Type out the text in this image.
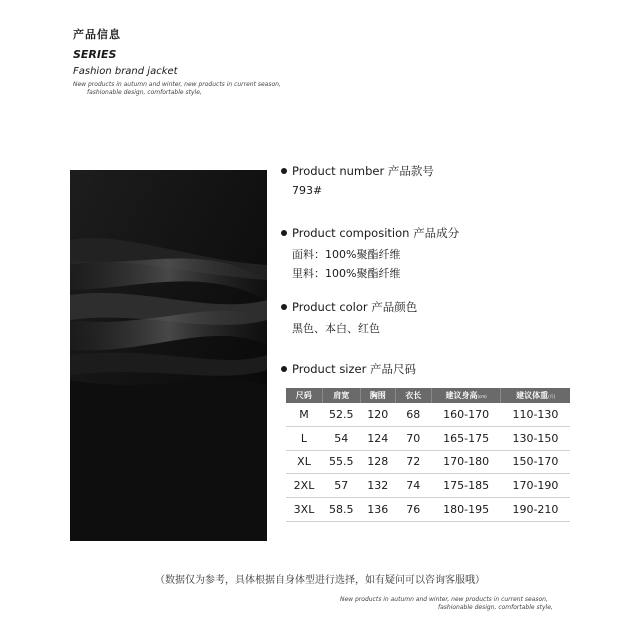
产品信息
SERIES
Fashion brand jacket
New products in autumn and winter, new products in current season,
fashionable design, comfortable style,
Product number 产品款号
793#
Product composition 产品成分
面料：100%聚酯纤维
里料：100%聚酯纤维
Product color 产品颜色
黑色、本白、红色
Product sizer 产品尺码
尺码	肩宽	胸围	衣长	建议身高(cm)	建议体重(斤)
M	52.5	120	68	160-170	110-130
L	54	124	70	165-175	130-150
XL	55.5	128	72	170-180	150-170
2XL	57	132	74	175-185	170-190
3XL	58.5	136	76	180-195	190-210
（数据仅为参考，具体根据自身体型进行选择，如有疑问可以咨询客服哦）
New products in autumn and winter, new products in current season,
fashionable design, comfortable style,
